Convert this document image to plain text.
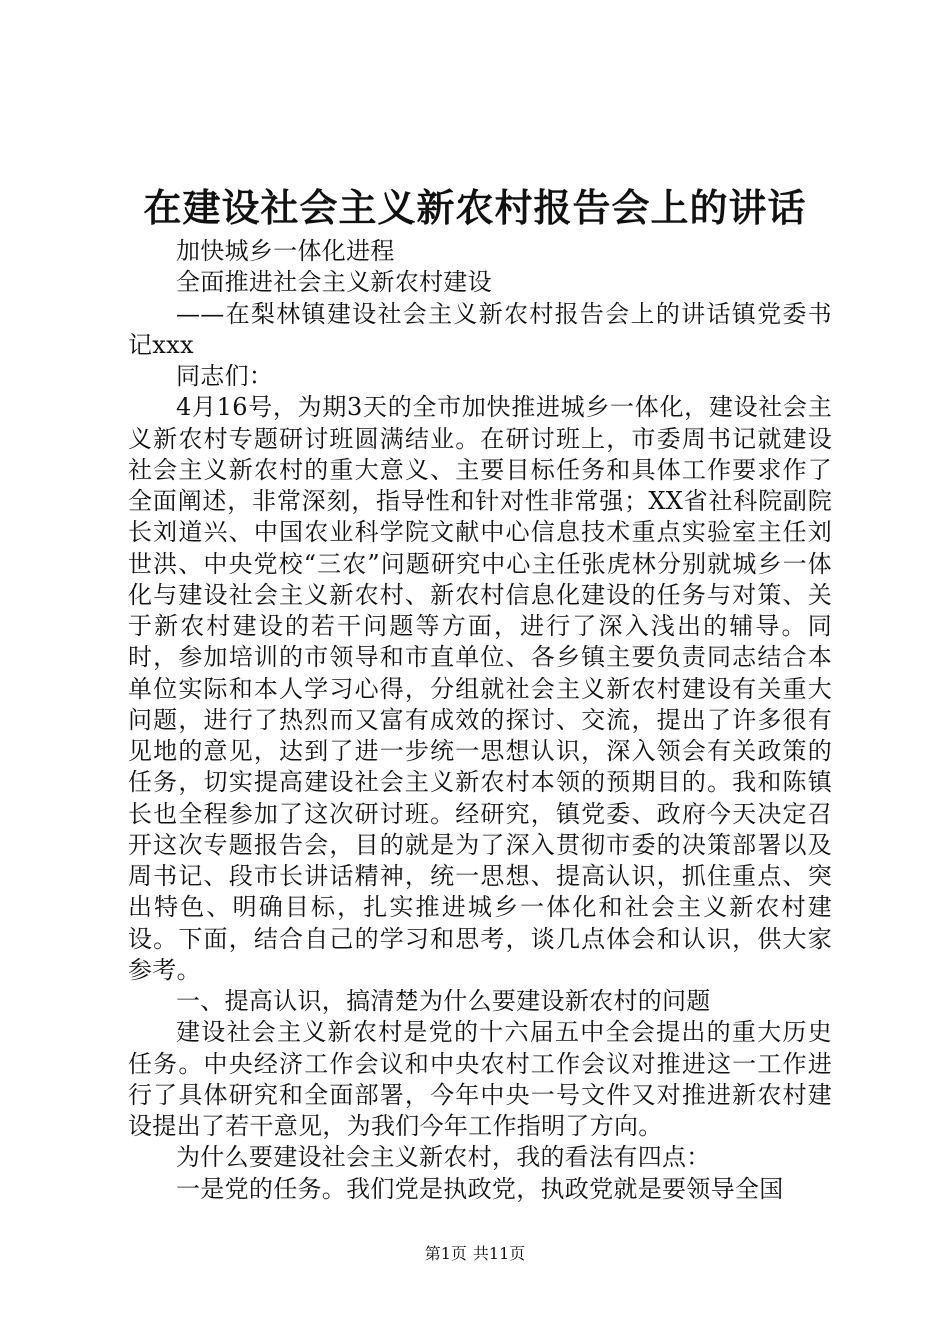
在建设社会主义新农村报告会上的讲话

加快城乡一体化进程

全面推进社会主义新农村建设

——在梨林镇建设社会主义新农村报告会上的讲话镇党委书记xxx

同志们：

4月16号，为期3天的全市加快推进城乡一体化，建设社会主义新农村专题研讨班圆满结业。在研讨班上，市委周书记就建设社会主义新农村的重大意义、主要目标任务和具体工作要求作了全面阐述，非常深刻，指导性和针对性非常强；XX省社科院副院长刘道兴、中国农业科学院文献中心信息技术重点实验室主任刘世洪、中央党校“三农”问题研究中心主任张虎林分别就城乡一体化与建设社会主义新农村、新农村信息化建设的任务与对策、关于新农村建设的若干问题等方面，进行了深入浅出的辅导。同时，参加培训的市领导和市直单位、各乡镇主要负责同志结合本单位实际和本人学习心得，分组就社会主义新农村建设有关重大问题，进行了热烈而又富有成效的探讨、交流，提出了许多很有见地的意见，达到了进一步统一思想认识，深入领会有关政策的任务，切实提高建设社会主义新农村本领的预期目的。我和陈镇长也全程参加了这次研讨班。经研究，镇党委、政府今天决定召开这次专题报告会，目的就是为了深入贯彻市委的决策部署以及周书记、段市长讲话精神，统一思想、提高认识，抓住重点、突出特色、明确目标，扎实推进城乡一体化和社会主义新农村建设。下面，结合自己的学习和思考，谈几点体会和认识，供大家参考。

一、提高认识，搞清楚为什么要建设新农村的问题

建设社会主义新农村是党的十六届五中全会提出的重大历史任务。中央经济工作会议和中央农村工作会议对推进这一工作进行了具体研究和全面部署，今年中央一号文件又对推进新农村建设提出了若干意见，为我们今年工作指明了方向。

为什么要建设社会主义新农村，我的看法有四点：

一是党的任务。我们党是执政党，执政党就是要领导全国

第1页 共11页
